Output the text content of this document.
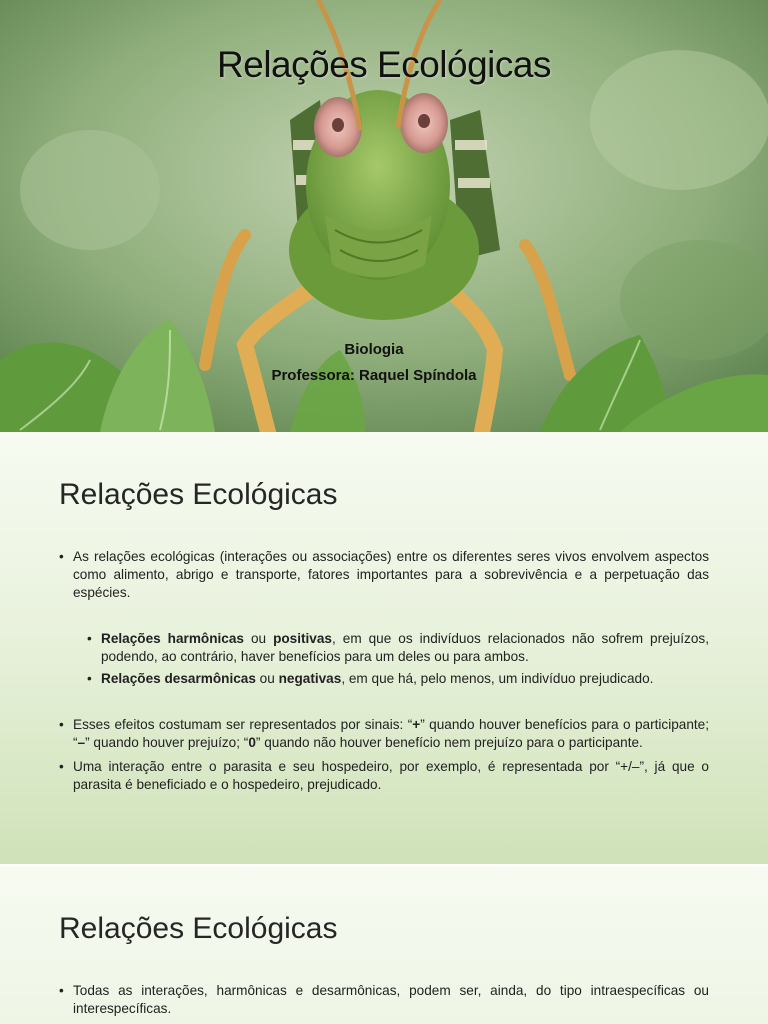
Relações Ecológicas
Biologia
Professora: Raquel Spíndola
Relações Ecológicas
• As relações ecológicas (interações ou associações) entre os diferentes seres vivos envolvem aspectos como alimento, abrigo e transporte, fatores importantes para a sobrevivência e a perpetuação das espécies.
• Relações harmônicas ou positivas, em que os indivíduos relacionados não sofrem prejuízos, podendo, ao contrário, haver benefícios para um deles ou para ambos.
• Relações desarmônicas ou negativas, em que há, pelo menos, um indivíduo prejudicado.
• Esses efeitos costumam ser representados por sinais: “+” quando houver benefícios para o participante; “–” quando houver prejuízo; “0” quando não houver benefício nem prejuízo para o participante.
• Uma interação entre o parasita e seu hospedeiro, por exemplo, é representada por “+/–”, já que o parasita é beneficiado e o hospedeiro, prejudicado.
Relações Ecológicas
• Todas as interações, harmônicas e desarmônicas, podem ser, ainda, do tipo intraespecíficas ou interespecíficas.
